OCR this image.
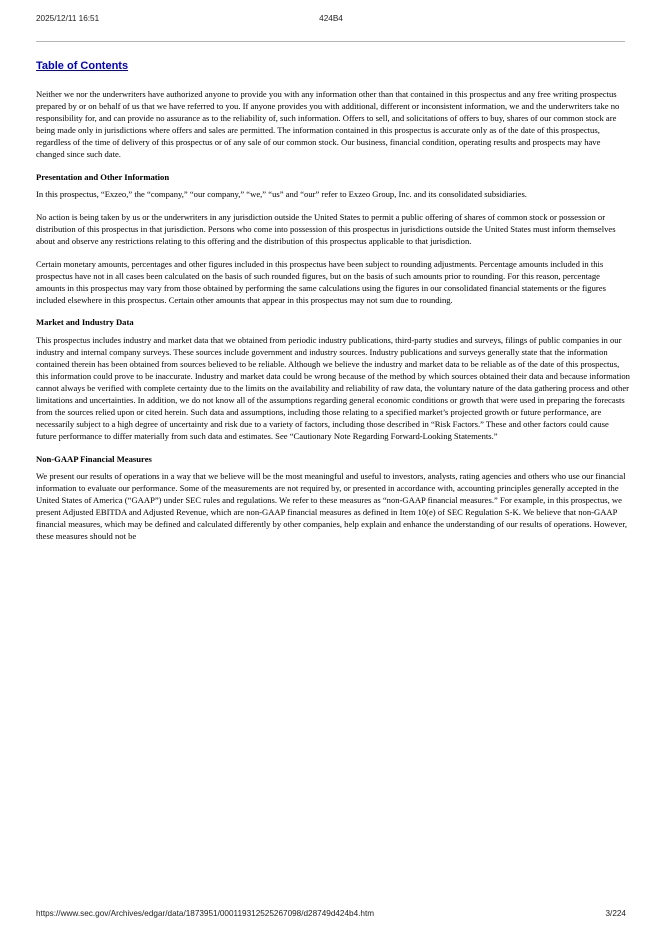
2025/12/11 16:51	424B4
Table of Contents

Neither we nor the underwriters have authorized anyone to provide you with any information other than that contained in this prospectus and any free writing prospectus prepared by or on behalf of us that we have referred to you. If anyone provides you with additional, different or inconsistent information, we and the underwriters take no responsibility for, and can provide no assurance as to the reliability of, such information. Offers to sell, and solicitations of offers to buy, shares of our common stock are being made only in jurisdictions where offers and sales are permitted. The information contained in this prospectus is accurate only as of the date of this prospectus, regardless of the time of delivery of this prospectus or of any sale of our common stock. Our business, financial condition, operating results and prospects may have changed since such date.

Presentation and Other Information

In this prospectus, “Exzeo,” the “company,” “our company,” “we,” “us” and “our” refer to Exzeo Group, Inc. and its consolidated subsidiaries.

No action is being taken by us or the underwriters in any jurisdiction outside the United States to permit a public offering of shares of common stock or possession or distribution of this prospectus in that jurisdiction. Persons who come into possession of this prospectus in jurisdictions outside the United States must inform themselves about and observe any restrictions relating to this offering and the distribution of this prospectus applicable to that jurisdiction.

Certain monetary amounts, percentages and other figures included in this prospectus have been subject to rounding adjustments. Percentage amounts included in this prospectus have not in all cases been calculated on the basis of such rounded figures, but on the basis of such amounts prior to rounding. For this reason, percentage amounts in this prospectus may vary from those obtained by performing the same calculations using the figures in our consolidated financial statements or the figures included elsewhere in this prospectus. Certain other amounts that appear in this prospectus may not sum due to rounding.

Market and Industry Data

This prospectus includes industry and market data that we obtained from periodic industry publications, third-party studies and surveys, filings of public companies in our industry and internal company surveys. These sources include government and industry sources. Industry publications and surveys generally state that the information contained therein has been obtained from sources believed to be reliable. Although we believe the industry and market data to be reliable as of the date of this prospectus, this information could prove to be inaccurate. Industry and market data could be wrong because of the method by which sources obtained their data and because information cannot always be verified with complete certainty due to the limits on the availability and reliability of raw data, the voluntary nature of the data gathering process and other limitations and uncertainties. In addition, we do not know all of the assumptions regarding general economic conditions or growth that were used in preparing the forecasts from the sources relied upon or cited herein. Such data and assumptions, including those relating to a specified market’s projected growth or future performance, are necessarily subject to a high degree of uncertainty and risk due to a variety of factors, including those described in “Risk Factors.” These and other factors could cause future performance to differ materially from such data and estimates. See “Cautionary Note Regarding Forward-Looking Statements.”

Non-GAAP Financial Measures

We present our results of operations in a way that we believe will be the most meaningful and useful to investors, analysts, rating agencies and others who use our financial information to evaluate our performance. Some of the measurements are not required by, or presented in accordance with, accounting principles generally accepted in the United States of America (“GAAP”) under SEC rules and regulations. We refer to these measures as “non-GAAP financial measures.” For example, in this prospectus, we present Adjusted EBITDA and Adjusted Revenue, which are non-GAAP financial measures as defined in Item 10(e) of SEC Regulation S-K. We believe that non-GAAP financial measures, which may be defined and calculated differently by other companies, help explain and enhance the understanding of our results of operations. However, these measures should not be

https://www.sec.gov/Archives/edgar/data/1873951/000119312525267098/d28749d424b4.htm	3/224
